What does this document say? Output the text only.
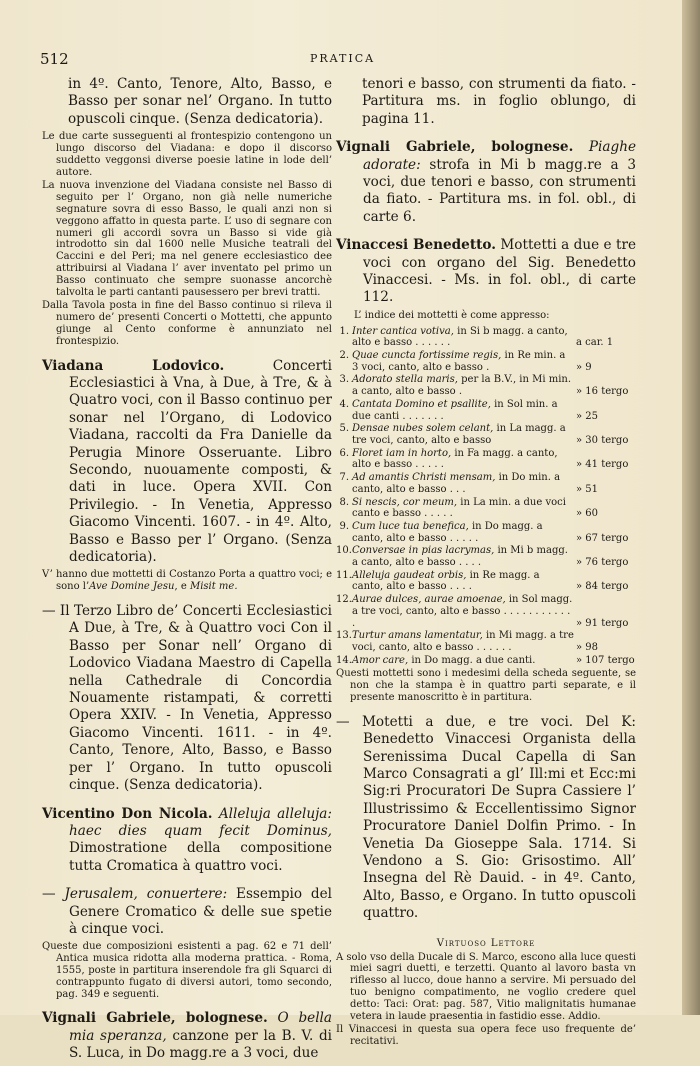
512	PRATICA

in 4º. Canto, Tenore, Alto, Basso, e Basso per sonar nel’ Organo. In tutto opuscoli cinque. (Senza dedicatoria).

Le due carte susseguenti al frontespizio contengono un lungo discorso del Viadana: e dopo il discorso suddetto veggonsi diverse poesie latine in lode dell’ autore.

La nuova invenzione del Viadana consiste nel Basso di seguito per l’ Organo, non già nelle numeriche segnature sovra di esso Basso, le quali anzi non si veggono affatto in questa parte. L’ uso di segnare con numeri gli accordi sovra un Basso si vide già introdotto sin dal 1600 nelle Musiche teatrali del Caccini e del Peri; ma nel genere ecclesiastico dee attribuirsi al Viadana l’ aver inventato pel primo un Basso continuato che sempre suonasse ancorchè talvolta le parti cantanti pausessero per brevi tratti.

Dalla Tavola posta in fine del Basso continuo si rileva il numero de’ presenti Concerti o Mottetti, che appunto giunge al Cento conforme è annunziato nel frontespizio.

Viadana Lodovico.	Concerti Ecclesiastici à Vna, à Due, à Tre, & à Quatro voci, con il Basso continuo per sonar nel l’Organo, di Lodovico Viadana, raccolti da Fra Danielle da Perugia Minore Osseruante. Libro Secondo, nuouamente composti, & dati in luce. Opera XVII. Con Privilegio. - In Venetia, Appresso Giacomo Vincenti. 1607. - in 4º. Alto, Basso e Basso per l’ Organo. (Senza dedicatoria).

V’ hanno due mottetti di Costanzo Porta a quattro voci; e sono l’Ave Domine Jesu, e Misit me.

— Il Terzo Libro de’ Concerti Ecclesiastici A Due, à Tre, & à Quattro voci Con il Basso per Sonar nell’ Organo di Lodovico Viadana Maestro di Capella nella Cathedrale di Concordia Nouamente ristampati, & corretti Opera XXIV. - In Venetia, Appresso Giacomo Vincenti. 1611. - in 4º. Canto, Tenore, Alto, Basso, e Basso per l’ Organo. In tutto opuscoli cinque. (Senza dedicatoria).

Vicentino Don Nicola. Alleluja alleluja: haec dies quam fecit Dominus, Dimostratione della compositione tutta Cromatica à quattro voci.

— Jerusalem, conuertere: Essempio del Genere Cromatico & delle sue spetie à cinque voci.

Queste due composizioni esistenti a pag. 62 e 71 dell’ Antica musica ridotta alla moderna prattica. - Roma, 1555, poste in partitura inserendole fra gli Squarci di contrappunto fugato di diversi autori, tomo secondo, pag. 349 e seguenti.

Vignali Gabriele, bolognese. O bella mia speranza, canzone per la B. V. di S. Luca, in Do magg.re a 3 voci, due

tenori e basso, con strumenti da fiato. - Partitura ms. in foglio oblungo, di pagina 11.

Vignali Gabriele, bolognese. Piaghe adorate: strofa in Mi b magg.re a 3 voci, due tenori e basso, con strumenti da fiato. - Partitura ms. in fol. obl., di carte 6.

Vinaccesi Benedetto. Mottetti a due e tre voci con organo del Sig. Benedetto Vinaccesi. - Ms. in fol. obl., di carte 112.

L’ indice dei mottetti è come appresso:

1. Inter cantica votiva, in Si b magg. a canto, alto e basso . . . . . .	a car. 1
2. Quae cuncta fortissime regis, in Re min. a 3 voci, canto, alto e basso .	» 9
3. Adorato stella maris, per la B.V., in Mi min. a canto, alto e basso .	» 16 tergo
4. Cantata Domino et psallite, in Sol min. a due canti . . . . . . .	» 25
5. Densae nubes solem celant, in La magg. a tre voci, canto, alto e basso	» 30 tergo
6. Floret iam in horto, in Fa magg. a canto, alto e basso . . . . .	» 41 tergo
7. Ad amantis Christi mensam, in Do min. a canto, alto e basso . . .	» 51
8. Si nescis, cor meum, in La min. a due voci canto e basso . . . . .	» 60
9. Cum luce tua benefica, in Do magg. a canto, alto e basso . . . . .	» 67 tergo
10. Conversae in pias lacrymas, in Mi b magg. a canto, alto e basso . . . .	» 76 tergo
11. Alleluja gaudeat orbis, in Re magg. a canto, alto e basso . . . .	» 84 tergo
12. Aurae dulces, aurae amoenae, in Sol magg. a tre voci, canto, alto e basso . . . . . . . . . . . .	» 91 tergo
13. Turtur amans lamentatur, in Mi magg. a tre voci, canto, alto e basso . . . . . .	» 98
14. Amor care, in Do magg. a due canti.	» 107 tergo

Questi mottetti sono i medesimi della scheda seguente, se non che la stampa è in quattro parti separate, e il presente manoscritto è in partitura.

— Motetti a due, e tre voci. Del K: Benedetto Vinaccesi Organista della Serenissima Ducal Capella di San Marco Consagrati a gl’ Ill:mi et Ecc:mi Sig:ri Procuratori De Supra Cassiere l’ Illustrissimo & Eccellentissimo Signor Procuratore Daniel Dolfin Primo. - In Venetia Da Gioseppe Sala. 1714. Si Vendono a S. Gio: Grisostimo. All’ Insegna del Rè Dauid. - in 4º. Canto, Alto, Basso, e Organo. In tutto opuscoli quattro.

Virtuoso Lettore

A solo vso della Ducale di S. Marco, escono alla luce questi miei sagri duetti, e terzetti. Quanto al lavoro basta vn riflesso al lucco, doue hanno a servire. Mi persuado del tuo benigno compatimento, ne voglio credere quel detto: Taci: Orat: pag. 587, Vitio malignitatis humanae vetera in laude praesentia in fastidio esse. Addio.

Il Vinaccesi in questa sua opera fece uso frequente de’ recitativi.
